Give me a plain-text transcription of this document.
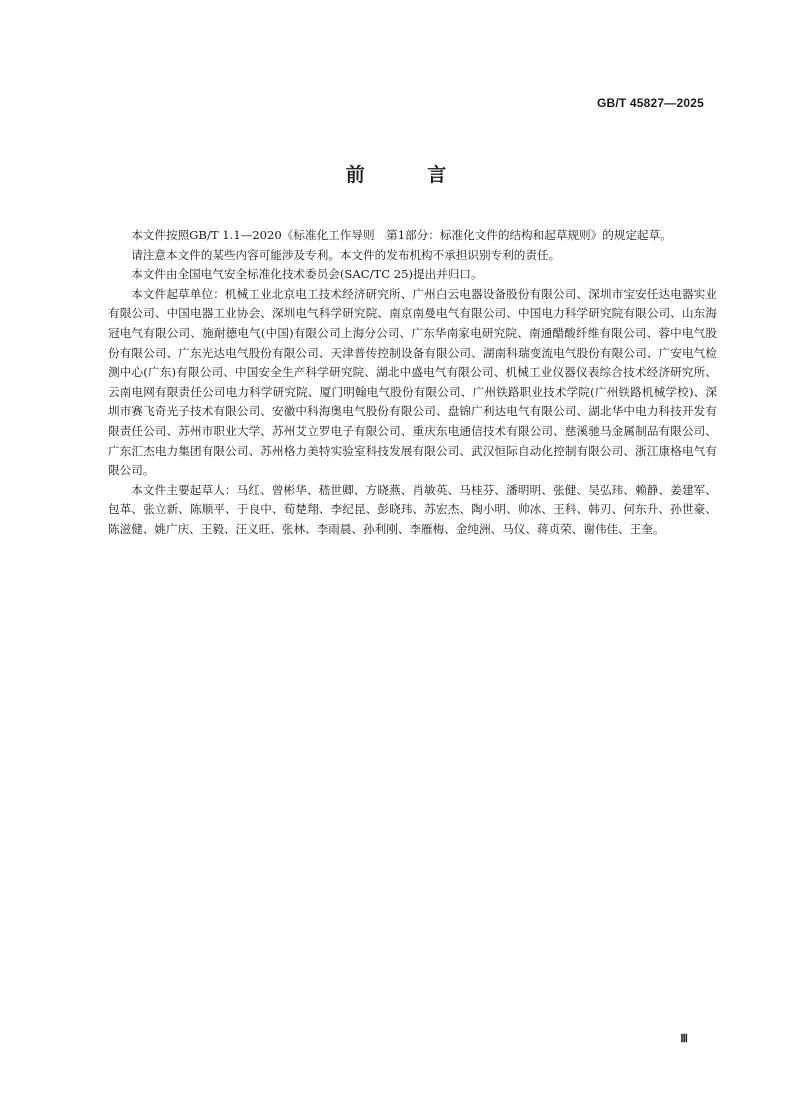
GB/T 45827—2025
前 言

本文件按照GB/T 1.1—2020《标准化工作导则　第1部分：标准化文件的结构和起草规则》的规定起草。

请注意本文件的某些内容可能涉及专利。本文件的发布机构不承担识别专利的责任。

本文件由全国电气安全标准化技术委员会(SAC/TC 25)提出并归口。

本文件起草单位：机械工业北京电工技术经济研究所、广州白云电器设备股份有限公司、深圳市宝安任达电器实业有限公司、中国电器工业协会、深圳电气科学研究院、南京南曼电气有限公司、中国电力科学研究院有限公司、山东海冠电气有限公司、施耐德电气(中国)有限公司上海分公司、广东华南家电研究院、南通醋酸纤维有限公司、蓉中电气股份有限公司、广东光达电气股份有限公司、天津普传控制设备有限公司、湖南科瑞变流电气股份有限公司、广安电气检测中心(广东)有限公司、中国安全生产科学研究院、湖北中盛电气有限公司、机械工业仪器仪表综合技术经济研究所、云南电网有限责任公司电力科学研究院、厦门明翰电气股份有限公司、广州铁路职业技术学院(广州铁路机械学校)、深圳市赛飞奇光子技术有限公司、安徽中科海奥电气股份有限公司、盘锦广利达电气有限公司、湖北华中电力科技开发有限责任公司、苏州市职业大学、苏州艾立罗电子有限公司、重庆东电通信技术有限公司、慈溪驰马金属制品有限公司、广东汇杰电力集团有限公司、苏州格力美特实验室科技发展有限公司、武汉恒际自动化控制有限公司、浙江康格电气有限公司。

本文件主要起草人：马红、曾彬华、嵇世卿、方晓燕、肖敏英、马桂芬、潘明明、张健、吴弘玮、赖静、姜建军、包革、张立新、陈顺平、于良中、荀楚翔、李纪昆、彭晓玮、苏宏杰、陶小明、帅冰、王科、韩刃、何东升、孙世豪、陈滋健、姚广庆、王毅、汪义旺、张林、李雨晨、孙利刚、李雁梅、金纯洲、马仪、蒋贞荣、谢伟佳、王奎。

Ⅲ
